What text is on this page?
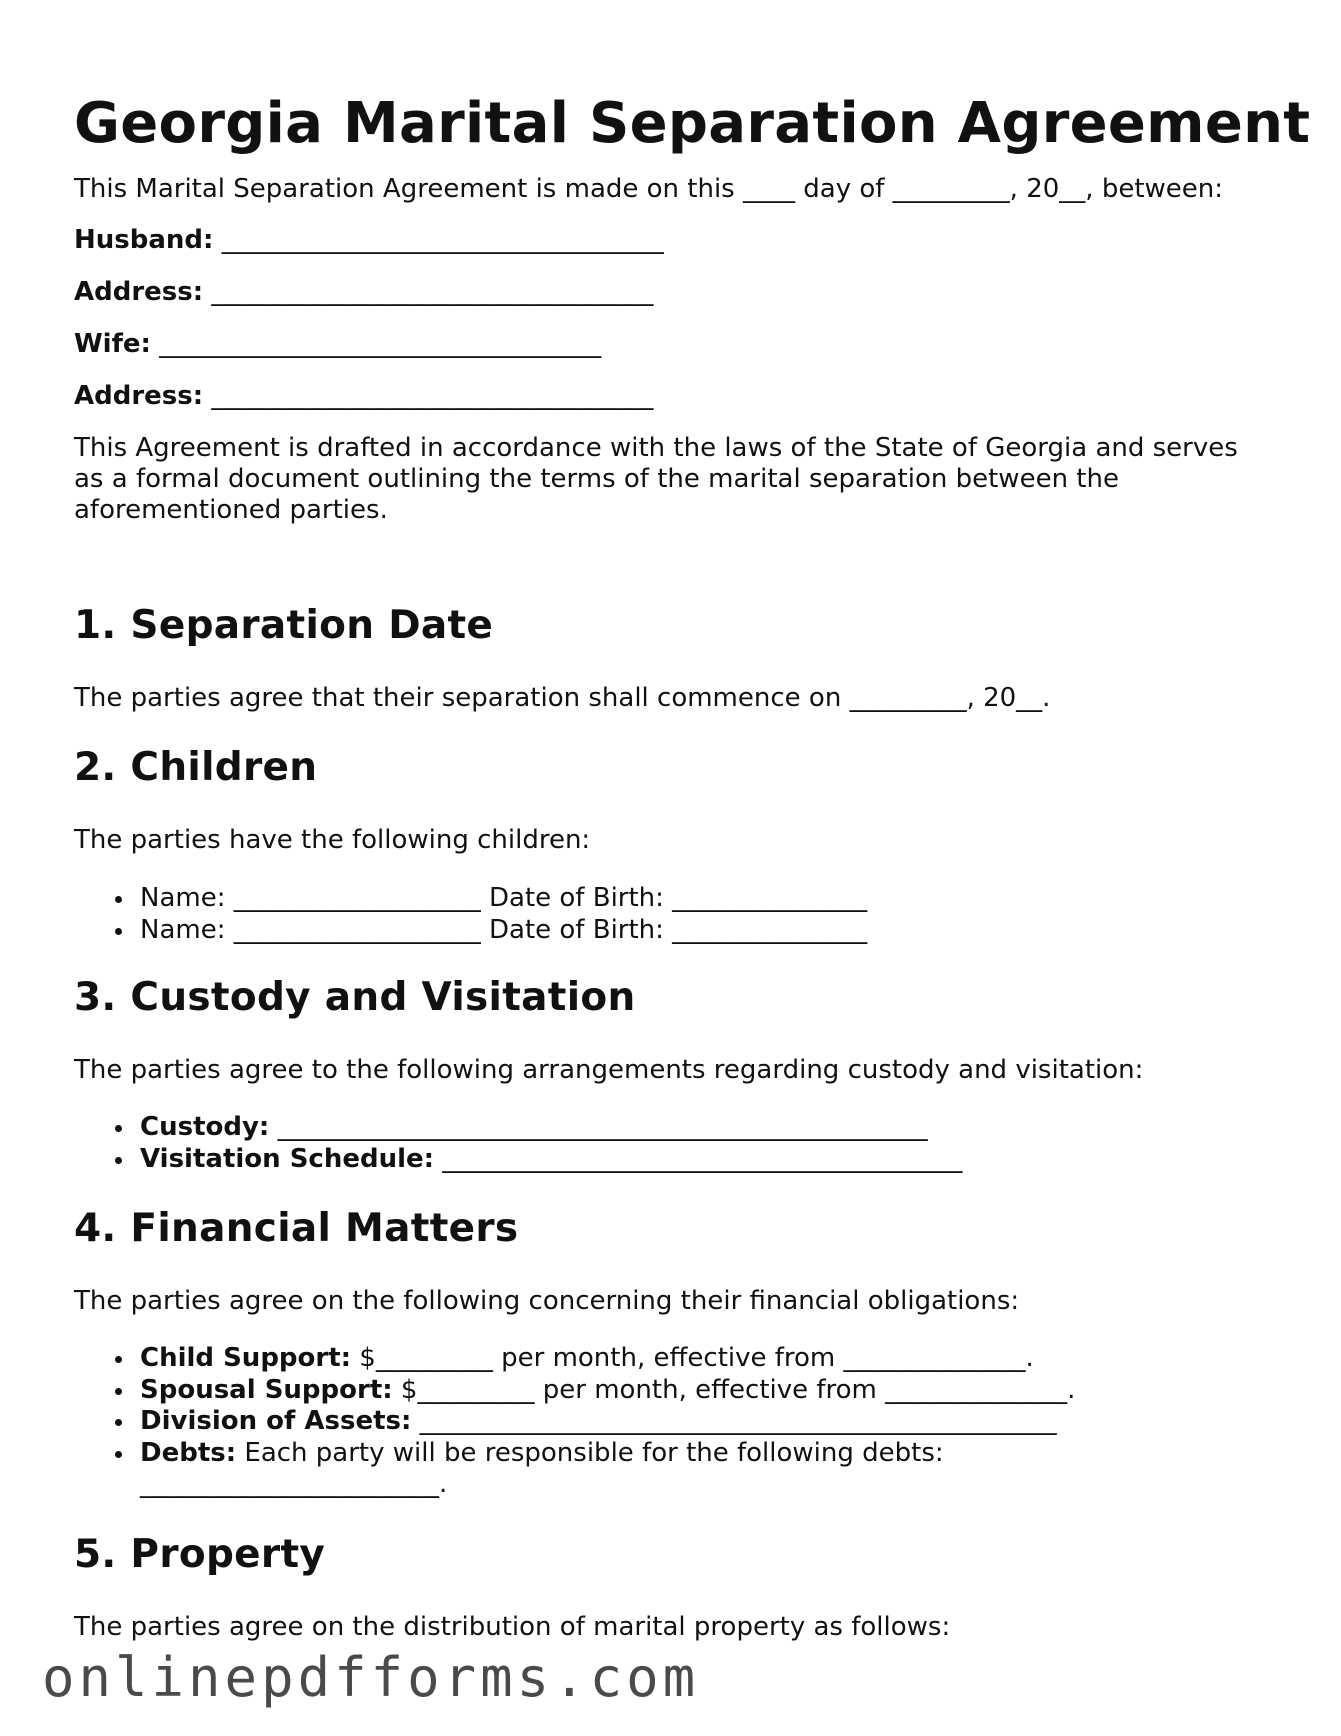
Georgia Marital Separation Agreement

This Marital Separation Agreement is made on this ____ day of _________, 20__, between:

Husband: __________________________________

Address: __________________________________

Wife: __________________________________

Address: __________________________________

This Agreement is drafted in accordance with the laws of the State of Georgia and serves

as a formal document outlining the terms of the marital separation between the

aforementioned parties.

1. Separation Date

The parties agree that their separation shall commence on _________, 20__.

2. Children

The parties have the following children:

Name: ___________________ Date of Birth: _______________
Name: ___________________ Date of Birth: _______________
3. Custody and Visitation

The parties agree to the following arrangements regarding custody and visitation:

Custody: __________________________________________________
Visitation Schedule: ________________________________________
4. Financial Matters

The parties agree on the following concerning their financial obligations:

Child Support: $_________ per month, effective from ______________.
Spousal Support: $_________ per month, effective from ______________.
Division of Assets: _________________________________________________
Debts: Each party will be responsible for the following debts:
_______________________.
5. Property

The parties agree on the distribution of marital property as follows:

onlinepdfforms.com
